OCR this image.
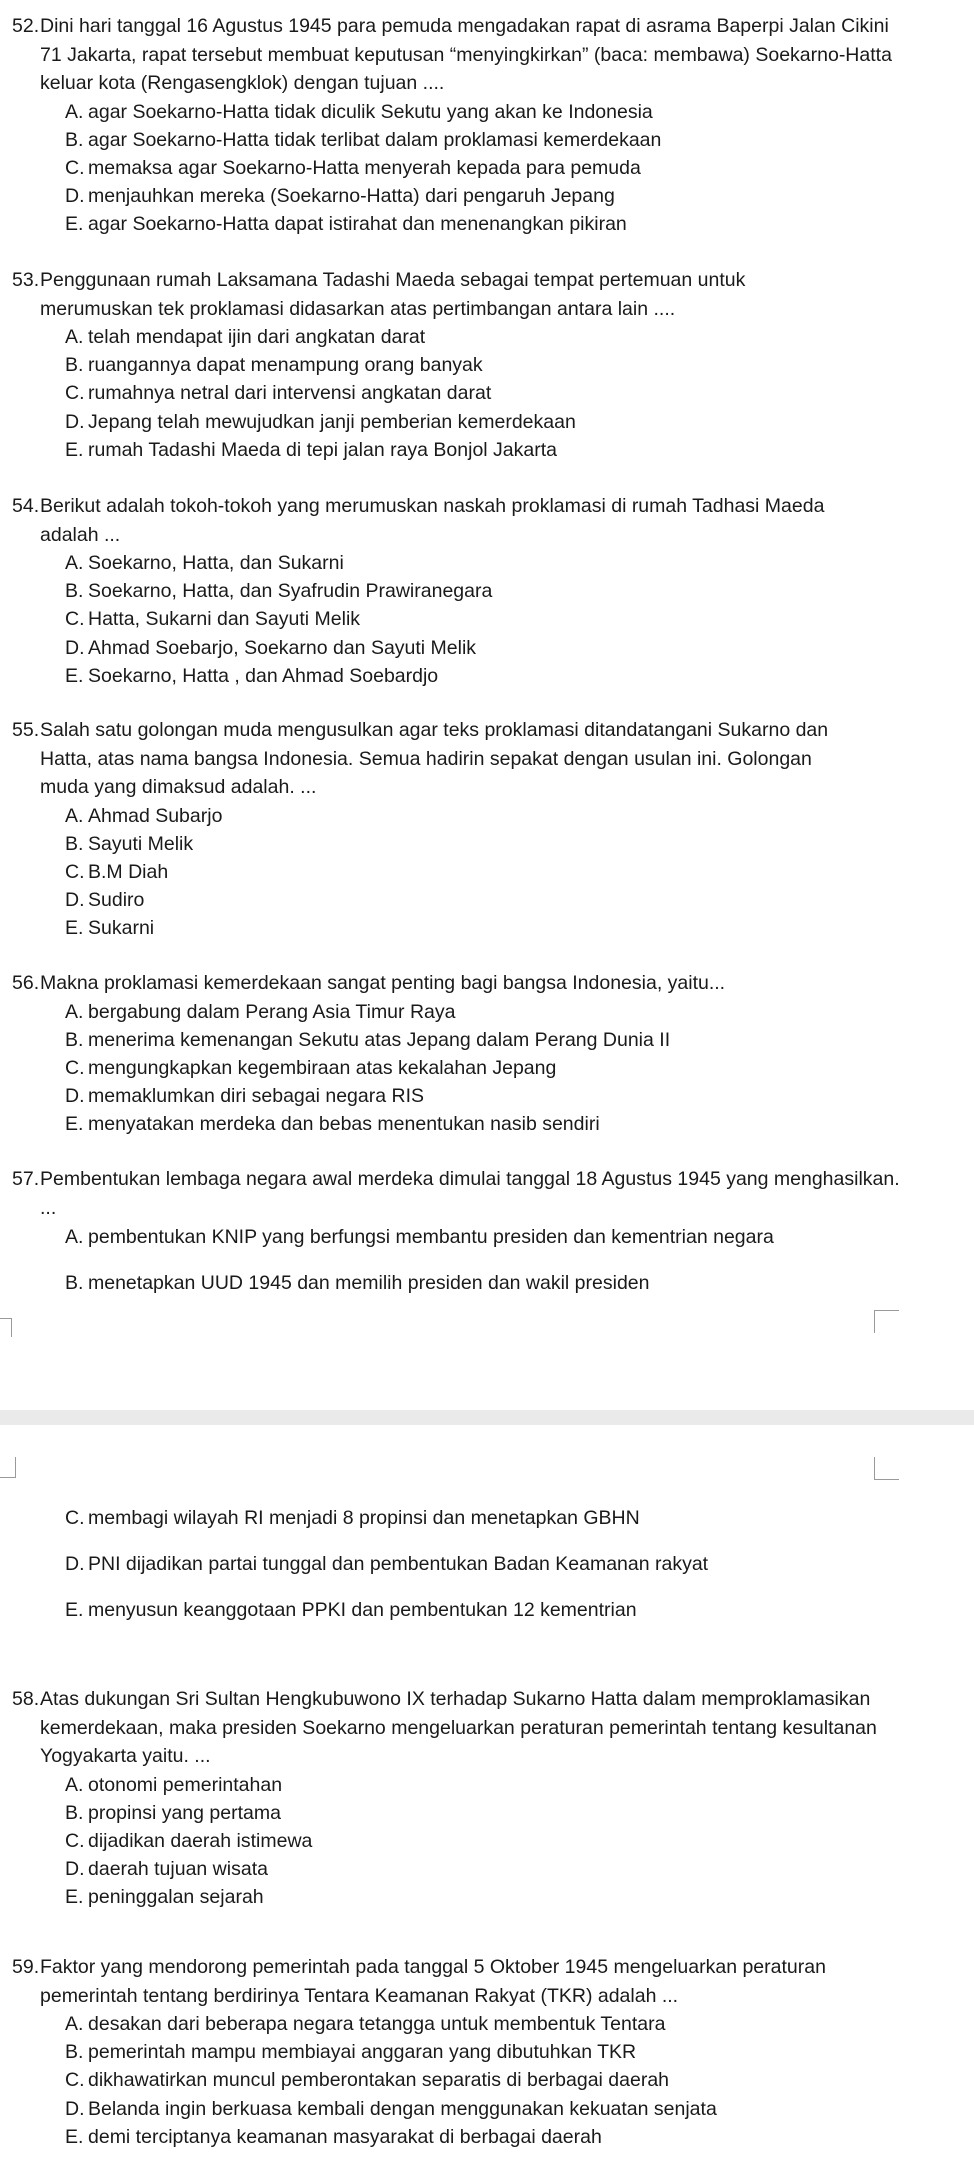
52. Dini hari tanggal 16 Agustus 1945 para pemuda mengadakan rapat di asrama Baperpi Jalan Cikini 71 Jakarta, rapat tersebut membuat keputusan “menyingkirkan” (baca: membawa) Soekarno-Hatta keluar kota (Rengasengklok) dengan tujuan ....
A. agar Soekarno-Hatta tidak diculik Sekutu yang akan ke Indonesia
B. agar Soekarno-Hatta tidak terlibat dalam proklamasi kemerdekaan
C. memaksa agar Soekarno-Hatta menyerah kepada para pemuda
D. menjauhkan mereka (Soekarno-Hatta) dari pengaruh Jepang
E. agar Soekarno-Hatta dapat istirahat dan menenangkan pikiran
53. Penggunaan rumah Laksamana Tadashi Maeda sebagai tempat pertemuan untuk merumuskan tek proklamasi didasarkan atas pertimbangan antara lain ....
A. telah mendapat ijin dari angkatan darat
B. ruangannya dapat menampung orang banyak
C. rumahnya netral dari intervensi angkatan darat
D. Jepang telah mewujudkan janji pemberian kemerdekaan
E. rumah Tadashi Maeda di tepi jalan raya Bonjol Jakarta
54. Berikut adalah tokoh-tokoh yang merumuskan naskah proklamasi di rumah Tadhasi Maeda adalah ...
A. Soekarno, Hatta, dan Sukarni
B. Soekarno, Hatta, dan Syafrudin Prawiranegara
C. Hatta, Sukarni dan Sayuti Melik
D. Ahmad Soebarjo, Soekarno dan Sayuti Melik
E. Soekarno, Hatta , dan Ahmad Soebardjo
55. Salah satu golongan muda mengusulkan agar teks proklamasi ditandatangani Sukarno dan Hatta, atas nama bangsa Indonesia. Semua hadirin sepakat dengan usulan ini. Golongan muda yang dimaksud adalah. ...
A. Ahmad Subarjo
B. Sayuti Melik
C. B.M Diah
D. Sudiro
E. Sukarni
56. Makna proklamasi kemerdekaan sangat penting bagi bangsa Indonesia, yaitu...
A. bergabung dalam Perang Asia Timur Raya
B. menerima kemenangan Sekutu atas Jepang dalam Perang Dunia II
C. mengungkapkan kegembiraan atas kekalahan Jepang
D. memaklumkan diri sebagai negara RIS
E. menyatakan merdeka dan bebas menentukan nasib sendiri
57. Pembentukan lembaga negara awal merdeka dimulai tanggal 18 Agustus 1945 yang menghasilkan. ...
A. pembentukan KNIP yang berfungsi membantu presiden dan kementrian negara
B. menetapkan UUD 1945 dan memilih presiden dan wakil presiden
C. membagi wilayah RI menjadi 8 propinsi dan menetapkan GBHN
D. PNI dijadikan partai tunggal dan pembentukan Badan Keamanan rakyat
E. menyusun keanggotaan PPKI dan pembentukan 12 kementrian
58. Atas dukungan Sri Sultan Hengkubuwono IX terhadap Sukarno Hatta dalam memproklamasikan kemerdekaan, maka presiden Soekarno mengeluarkan peraturan pemerintah tentang kesultanan Yogyakarta yaitu. ...
A. otonomi pemerintahan
B. propinsi yang pertama
C. dijadikan daerah istimewa
D. daerah tujuan wisata
E. peninggalan sejarah
59. Faktor yang mendorong pemerintah pada tanggal 5 Oktober 1945 mengeluarkan peraturan pemerintah tentang berdirinya Tentara Keamanan Rakyat (TKR) adalah ...
A. desakan dari beberapa negara tetangga untuk membentuk Tentara
B. pemerintah mampu membiayai anggaran yang dibutuhkan TKR
C. dikhawatirkan muncul pemberontakan separatis di berbagai daerah
D. Belanda ingin berkuasa kembali dengan menggunakan kekuatan senjata
E. demi terciptanya keamanan masyarakat di berbagai daerah
